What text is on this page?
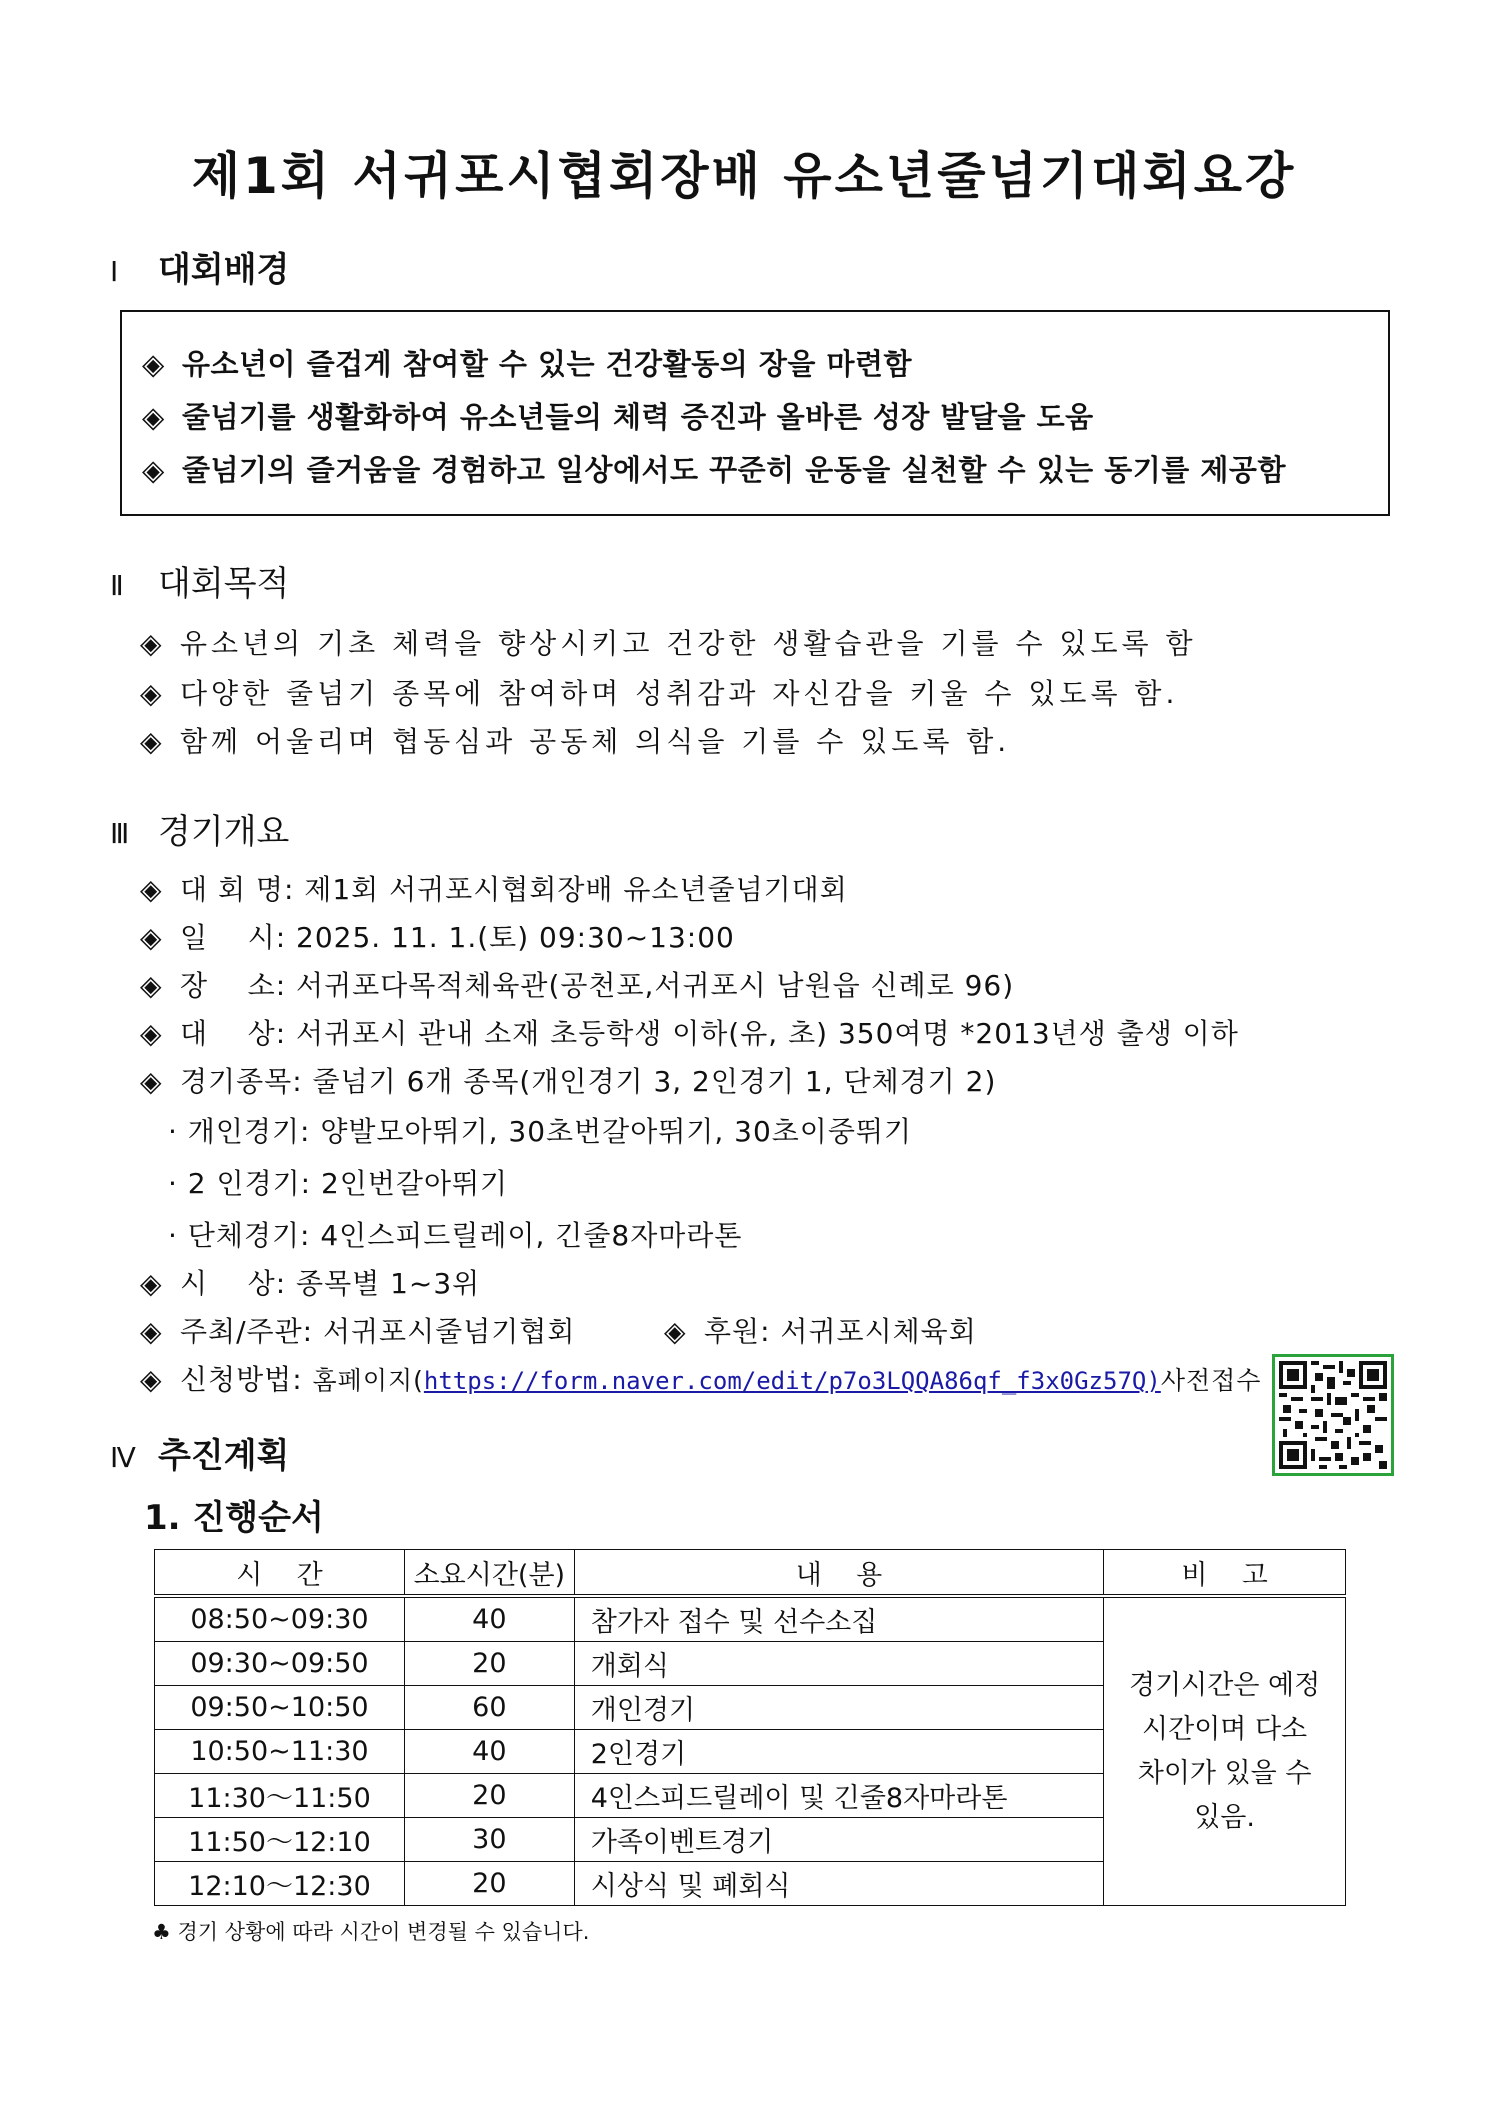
제1회 서귀포시협회장배 유소년줄넘기대회요강
Ⅰ 대회배경
◈ 유소년이 즐겁게 참여할 수 있는 건강활동의 장을 마련함
◈ 줄넘기를 생활화하여 유소년들의 체력 증진과 올바른 성장 발달을 도움
◈ 줄넘기의 즐거움을 경험하고 일상에서도 꾸준히 운동을 실천할 수 있는 동기를 제공함
Ⅱ 대회목적
◈ 유소년의 기초 체력을 향상시키고 건강한 생활습관을 기를 수 있도록 함
◈ 다양한 줄넘기 종목에 참여하며 성취감과 자신감을 키울 수 있도록 함.
◈ 함께 어울리며 협동심과 공동체 의식을 기를 수 있도록 함.
Ⅲ 경기개요
◈ 대 회 명: 제1회 서귀포시협회장배 유소년줄넘기대회
◈ 일    시: 2025. 11. 1.(토) 09:30~13:00
◈ 장    소: 서귀포다목적체육관(공천포,서귀포시 남원읍 신례로 96)
◈ 대    상: 서귀포시 관내 소재 초등학생 이하(유, 초) 350여명 *2013년생 출생 이하
◈ 경기종목: 줄넘기 6개 종목(개인경기 3, 2인경기 1, 단체경기 2)
· 개인경기: 양발모아뛰기, 30초번갈아뛰기, 30초이중뛰기
· 2 인경기: 2인번갈아뛰기
· 단체경기: 4인스피드릴레이, 긴줄8자마라톤
◈ 시    상: 종목별 1~3위
◈ 주최/주관: 서귀포시줄넘기협회	◈ 후원: 서귀포시체육회
◈ 신청방법: 홈페이지(https://form.naver.com/edit/p7o3LQQA86qf_f3x0Gz57Q)사전접수
Ⅳ 추진계획
1. 진행순서
시    간	소요시간(분)	내    용	비    고
08:50~09:30	40	참가자 접수 및 선수소집	경기시간은 예정
시간이며 다소
차이가 있을 수
있음.

09:30~09:50	20	개회식	
09:50~10:50	60	개인경기	
10:50~11:30	40	2인경기	
11:30～11:50	20	4인스피드릴레이 및 긴줄8자마라톤	
11:50～12:10	30	가족이벤트경기	
12:10～12:30	20	시상식 및 폐회식	
♣ 경기 상황에 따라 시간이 변경될 수 있습니다.
